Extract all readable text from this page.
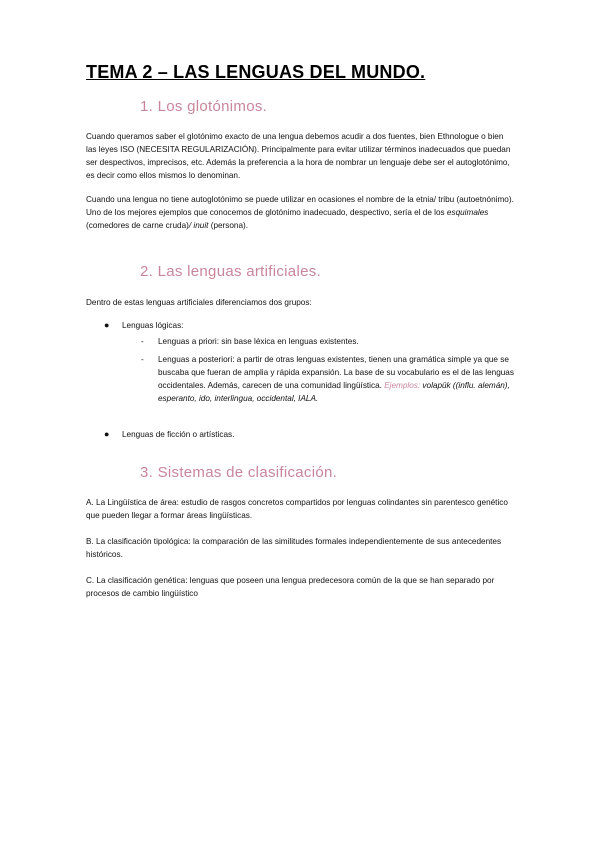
TEMA 2 – LAS LENGUAS DEL MUNDO.
1. Los glotónimos.

Cuando queramos saber el glotónimo exacto de una lengua debemos acudir a dos fuentes, bien Ethnologue o bien las leyes ISO (NECESITA REGULARIZACIÓN). Principalmente para evitar utilizar términos inadecuados que puedan ser despectivos, imprecisos, etc. Además la preferencia a la hora de nombrar un lenguaje debe ser el autoglotónimo, es decir como ellos mismos lo denominan.

Cuando una lengua no tiene autoglotónimo se puede utilizar en ocasiones el nombre de la etnia/ tribu (autoetnónimo). Uno de los mejores ejemplos que conocemos de glotónimo inadecuado, despectivo, sería el de los esquimales (comedores de carne cruda)/ inuit (persona).

2. Las lenguas artificiales.

Dentro de estas lenguas artificiales diferenciamos dos grupos:

● Lenguas lógicas:

- Lenguas a priori: sin base léxica en lenguas existentes.

- Lenguas a posteriori: a partir de otras lenguas existentes, tienen una gramática simple ya que se buscaba que fueran de amplia y rápida expansión. La base de su vocabulario es el de las lenguas occidentales. Además, carecen de una comunidad lingüística. Ejemplos: volapük ((influ. alemán), esperanto, ido, interlingua, occidental, IALA.

● Lenguas de ficción o artísticas.

3. Sistemas de clasificación.

A. La Lingüística de área: estudio de rasgos concretos compartidos por lenguas colindantes sin parentesco genético que pueden llegar a formar áreas lingüísticas.

B. La clasificación tipológica: la comparación de las similitudes formales independientemente de sus antecedentes históricos.

C. La clasificación genética: lenguas que poseen una lengua predecesora común de la que se han separado por procesos de cambio lingüístico
